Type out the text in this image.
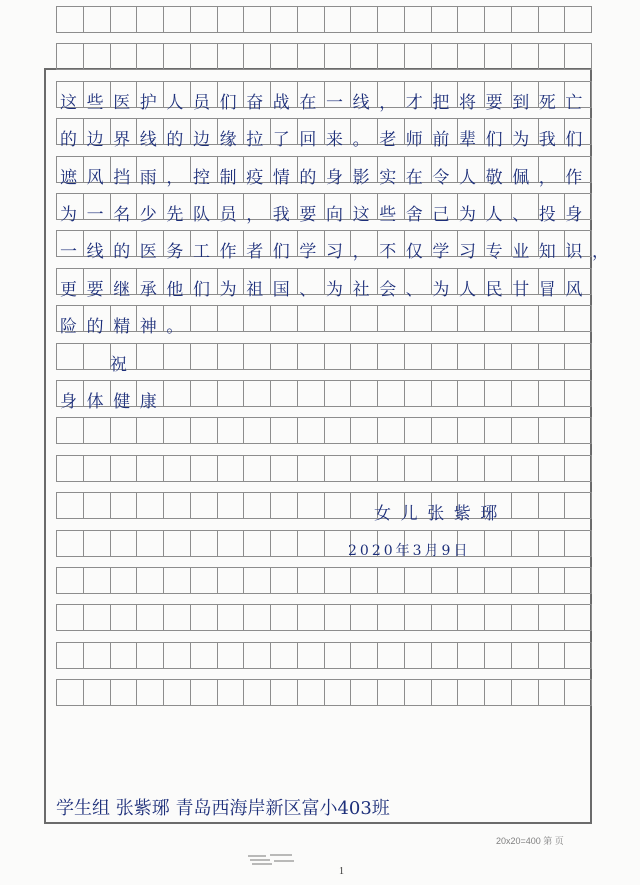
这些医护人员们奋战在一线，才把将要到死亡
的边界线的边缘拉了回来。老师前辈们为我们
遮风挡雨，控制疫情的身影实在令人敬佩，作
为一名少先队员，我要向这些舍己为人、投身
一线的医务工作者们学习，不仅学习专业知识，
更要继承他们为祖国、为社会、为人民甘冒风
险的精神。
祝
身体健康
女儿张紫琊
2020年3月9日
学生组 张紫琊 青岛西海岸新区富小403班
20x20=400 第 页
1
